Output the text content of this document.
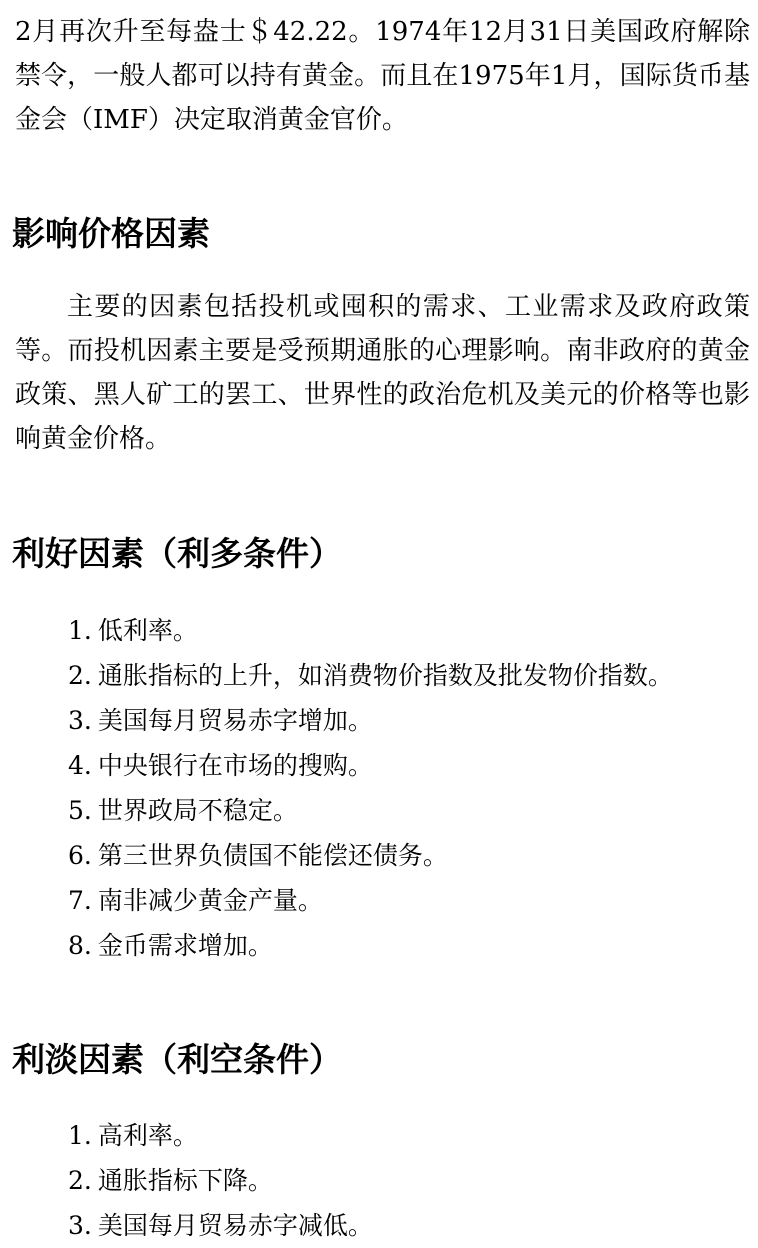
2月再次升至每盎士＄42.22。1974年12月31日美国政府解除禁令，一般人都可以持有黄金。而且在1975年1月，国际货币基金会（IMF）决定取消黄金官价。

影响价格因素

主要的因素包括投机或囤积的需求、工业需求及政府政策等。而投机因素主要是受预期通胀的心理影响。南非政府的黄金政策、黑人矿工的罢工、世界性的政治危机及美元的价格等也影响黄金价格。

利好因素（利多条件）
1. 低利率。
2. 通胀指标的上升，如消费物价指数及批发物价指数。
3. 美国每月贸易赤字增加。
4. 中央银行在市场的搜购。
5. 世界政局不稳定。
6. 第三世界负债国不能偿还债务。
7. 南非减少黄金产量。
8. 金币需求增加。
利淡因素（利空条件）
1. 高利率。
2. 通胀指标下降。
3. 美国每月贸易赤字减低。
